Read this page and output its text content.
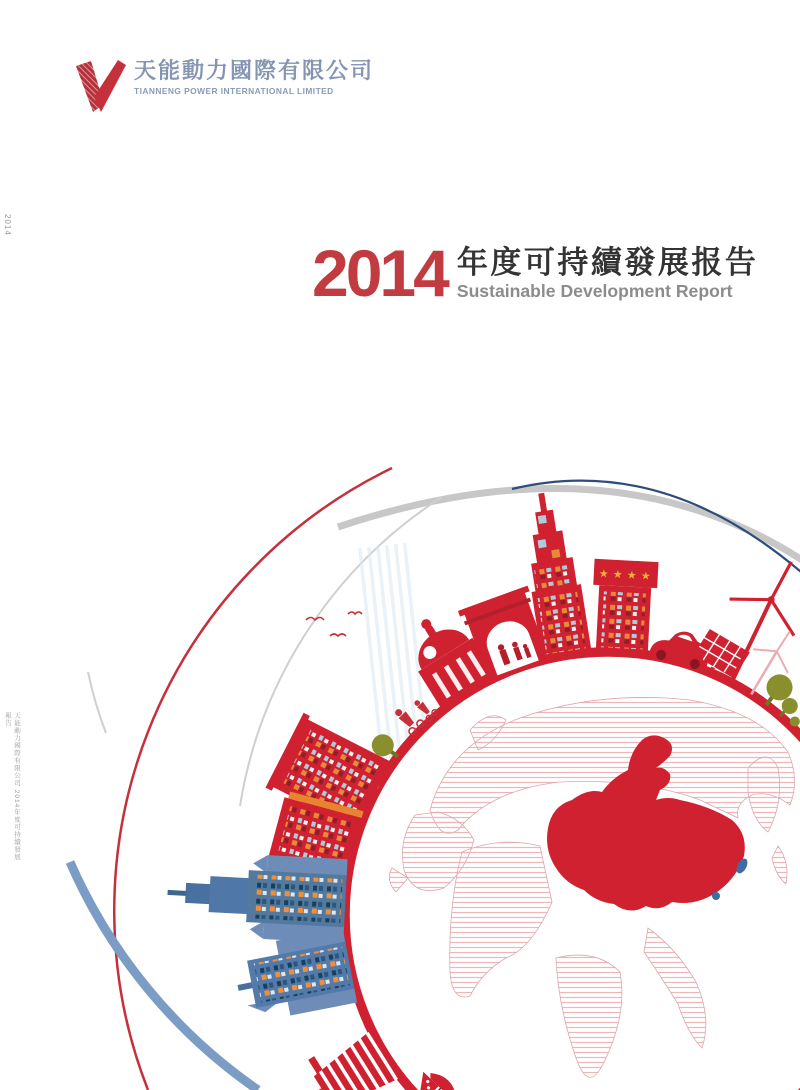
★ ★ ★ ★
天能動力國際有限公司
TIANNENG POWER INTERNATIONAL LIMITED
2014
天能動力國際有限公司 2014年度可持續發展報告
2014 年度可持續發展报告
Sustainable Development Report
